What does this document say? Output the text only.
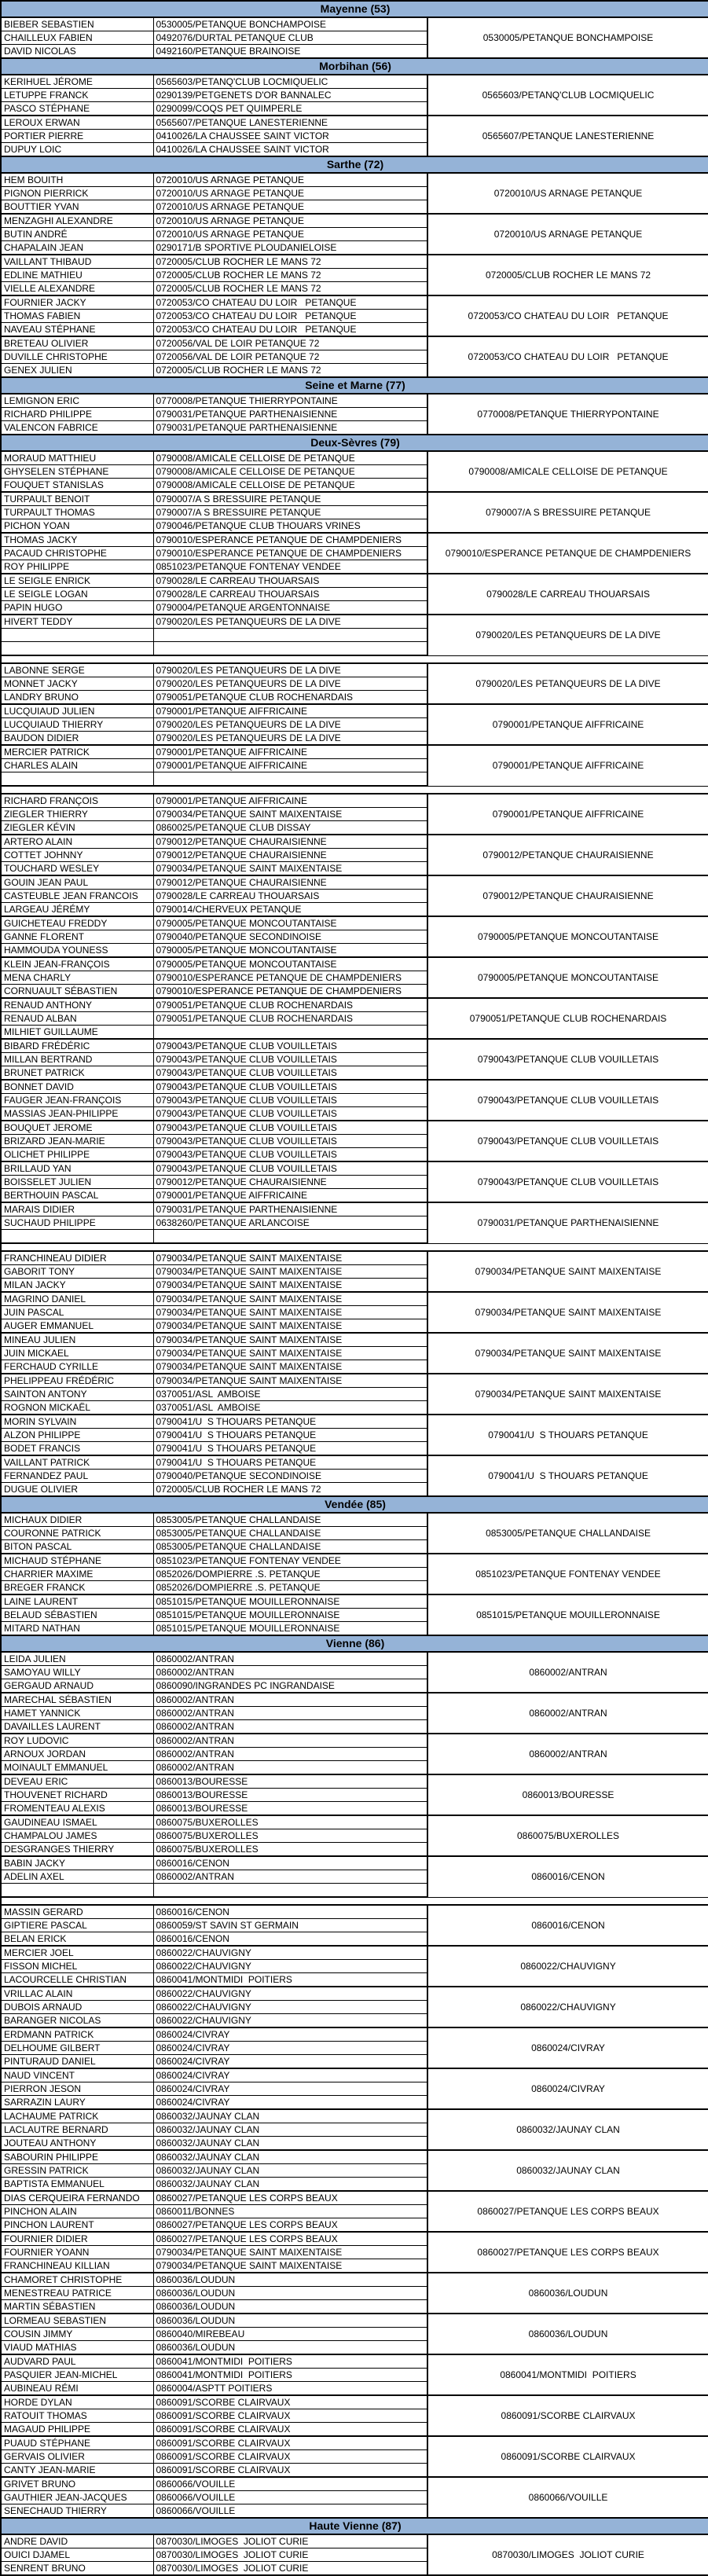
Mayenne (53)		
BIEBER SEBASTIEN	0530005/PETANQUE BONCHAMPOISE	0530005/PETANQUE BONCHAMPOISE
CHAILLEUX FABIEN	0492076/DURTAL PETANQUE CLUB	
DAVID NICOLAS	0492160/PETANQUE BRAINOISE	
Morbihan (56)		
KERIHUEL JÉROME	0565603/PETANQ'CLUB LOCMIQUELIC	0565603/PETANQ'CLUB LOCMIQUELIC
LETUPPE FRANCK	0290139/PETGENETS D'OR BANNALEC	
PASCO STÉPHANE	0290099/COQS PET QUIMPERLE	
LEROUX ERWAN	0565607/PETANQUE LANESTERIENNE	0565607/PETANQUE LANESTERIENNE
PORTIER PIERRE	0410026/LA CHAUSSEE SAINT VICTOR	
DUPUY LOIC	0410026/LA CHAUSSEE SAINT VICTOR	
Sarthe (72)		
HEM BOUITH	0720010/US ARNAGE PETANQUE	0720010/US ARNAGE PETANQUE
PIGNON PIERRICK	0720010/US ARNAGE PETANQUE	
BOUTTIER YVAN	0720010/US ARNAGE PETANQUE	
MENZAGHI ALEXANDRE	0720010/US ARNAGE PETANQUE	0720010/US ARNAGE PETANQUE
BUTIN ANDRÉ	0720010/US ARNAGE PETANQUE	
CHAPALAIN JEAN	0290171/B SPORTIVE PLOUDANIELOISE	
VAILLANT THIBAUD	0720005/CLUB ROCHER LE MANS 72	0720005/CLUB ROCHER LE MANS 72
EDLINE MATHIEU	0720005/CLUB ROCHER LE MANS 72	
VIELLE ALEXANDRE	0720005/CLUB ROCHER LE MANS 72	
FOURNIER JACKY	0720053/CO CHATEAU DU LOIR   PETANQUE	0720053/CO CHATEAU DU LOIR   PETANQUE
THOMAS FABIEN	0720053/CO CHATEAU DU LOIR   PETANQUE	
NAVEAU STÉPHANE	0720053/CO CHATEAU DU LOIR   PETANQUE	
BRETEAU OLIVIER	0720056/VAL DE LOIR PETANQUE 72	0720053/CO CHATEAU DU LOIR   PETANQUE
DUVILLE CHRISTOPHE	0720056/VAL DE LOIR PETANQUE 72	
GENEX JULIEN	0720005/CLUB ROCHER LE MANS 72	
Seine et Marne (77)		
LEMIGNON ERIC	0770008/PETANQUE THIERRYPONTAINE	0770008/PETANQUE THIERRYPONTAINE
RICHARD PHILIPPE	0790031/PETANQUE PARTHENAISIENNE	
VALENCON FABRICE	0790031/PETANQUE PARTHENAISIENNE	
Deux-Sèvres (79)		
MORAUD MATTHIEU	0790008/AMICALE CELLOISE DE PETANQUE	0790008/AMICALE CELLOISE DE PETANQUE
GHYSELEN STÉPHANE	0790008/AMICALE CELLOISE DE PETANQUE	
FOUQUET STANISLAS	0790008/AMICALE CELLOISE DE PETANQUE	
TURPAULT BENOIT	0790007/A S BRESSUIRE PETANQUE	0790007/A S BRESSUIRE PETANQUE
TURPAULT THOMAS	0790007/A S BRESSUIRE PETANQUE	
PICHON YOAN	0790046/PETANQUE CLUB THOUARS VRINES	
THOMAS JACKY	0790010/ESPERANCE PETANQUE DE CHAMPDENIERS	0790010/ESPERANCE PETANQUE DE CHAMPDENIERS
PACAUD CHRISTOPHE	0790010/ESPERANCE PETANQUE DE CHAMPDENIERS	
ROY PHILIPPE	0851023/PETANQUE FONTENAY VENDEE	
LE SEIGLE ENRICK	0790028/LE CARREAU THOUARSAIS	0790028/LE CARREAU THOUARSAIS
LE SEIGLE LOGAN	0790028/LE CARREAU THOUARSAIS	
PAPIN HUGO	0790004/PETANQUE ARGENTONNAISE	
HIVERT TEDDY	0790020/LES PETANQUEURS DE LA DIVE	0790020/LES PETANQUEURS DE LA DIVE

LABONNE SERGE	0790020/LES PETANQUEURS DE LA DIVE	0790020/LES PETANQUEURS DE LA DIVE
MONNET JACKY	0790020/LES PETANQUEURS DE LA DIVE	
LANDRY BRUNO	0790051/PETANQUE CLUB ROCHENARDAIS	
LUCQUIAUD JULIEN	0790001/PETANQUE AIFFRICAINE	0790001/PETANQUE AIFFRICAINE
LUCQUIAUD THIERRY	0790020/LES PETANQUEURS DE LA DIVE	
BAUDON DIDIER	0790020/LES PETANQUEURS DE LA DIVE	
MERCIER PATRICK	0790001/PETANQUE AIFFRICAINE	0790001/PETANQUE AIFFRICAINE
CHARLES ALAIN	0790001/PETANQUE AIFFRICAINE	

RICHARD FRANÇOIS	0790001/PETANQUE AIFFRICAINE	0790001/PETANQUE AIFFRICAINE
ZIEGLER THIERRY	0790034/PETANQUE SAINT MAIXENTAISE	
ZIEGLER KÉVIN	0860025/PETANQUE CLUB DISSAY	
ARTERO ALAIN	0790012/PETANQUE CHAURAISIENNE	0790012/PETANQUE CHAURAISIENNE
COTTET JOHNNY	0790012/PETANQUE CHAURAISIENNE	
TOUCHARD WESLEY	0790034/PETANQUE SAINT MAIXENTAISE	
GOUIN JEAN PAUL	0790012/PETANQUE CHAURAISIENNE	0790012/PETANQUE CHAURAISIENNE
CASTEUBLE JEAN FRANCOIS	0790028/LE CARREAU THOUARSAIS	
LARGEAU JÉRÉMY	0790014/CHERVEUX PETANQUE	
GUICHETEAU FREDDY	0790005/PETANQUE MONCOUTANTAISE	0790005/PETANQUE MONCOUTANTAISE
GANNE FLORENT	0790040/PETANQUE SECONDINOISE	
HAMMOUDA YOUNESS	0790005/PETANQUE MONCOUTANTAISE	
KLEIN JEAN-FRANÇOIS	0790005/PETANQUE MONCOUTANTAISE	0790005/PETANQUE MONCOUTANTAISE
MENA CHARLY	0790010/ESPERANCE PETANQUE DE CHAMPDENIERS	
CORNUAULT SÉBASTIEN	0790010/ESPERANCE PETANQUE DE CHAMPDENIERS	
RENAUD ANTHONY	0790051/PETANQUE CLUB ROCHENARDAIS	0790051/PETANQUE CLUB ROCHENARDAIS
RENAUD ALBAN	0790051/PETANQUE CLUB ROCHENARDAIS	
MILHIET GUILLAUME		
BIBARD FRÉDÉRIC	0790043/PETANQUE CLUB VOUILLETAIS	0790043/PETANQUE CLUB VOUILLETAIS
MILLAN BERTRAND	0790043/PETANQUE CLUB VOUILLETAIS	
BRUNET PATRICK	0790043/PETANQUE CLUB VOUILLETAIS	
BONNET DAVID	0790043/PETANQUE CLUB VOUILLETAIS	0790043/PETANQUE CLUB VOUILLETAIS
FAUGER JEAN-FRANÇOIS	0790043/PETANQUE CLUB VOUILLETAIS	
MASSIAS JEAN-PHILIPPE	0790043/PETANQUE CLUB VOUILLETAIS	
BOUQUET JEROME	0790043/PETANQUE CLUB VOUILLETAIS	0790043/PETANQUE CLUB VOUILLETAIS
BRIZARD JEAN-MARIE	0790043/PETANQUE CLUB VOUILLETAIS	
OLICHET PHILIPPE	0790043/PETANQUE CLUB VOUILLETAIS	
BRILLAUD YAN	0790043/PETANQUE CLUB VOUILLETAIS	0790043/PETANQUE CLUB VOUILLETAIS
BOISSELET JULIEN	0790012/PETANQUE CHAURAISIENNE	
BERTHOUIN PASCAL	0790001/PETANQUE AIFFRICAINE	
MARAIS DIDIER	0790031/PETANQUE PARTHENAISIENNE	0790031/PETANQUE PARTHENAISIENNE
SUCHAUD PHILIPPE	0638260/PETANQUE ARLANCOISE	

FRANCHINEAU DIDIER	0790034/PETANQUE SAINT MAIXENTAISE	0790034/PETANQUE SAINT MAIXENTAISE
GABORIT TONY	0790034/PETANQUE SAINT MAIXENTAISE	
MILAN JACKY	0790034/PETANQUE SAINT MAIXENTAISE	
MAGRINO DANIEL	0790034/PETANQUE SAINT MAIXENTAISE	0790034/PETANQUE SAINT MAIXENTAISE
JUIN PASCAL	0790034/PETANQUE SAINT MAIXENTAISE	
AUGER EMMANUEL	0790034/PETANQUE SAINT MAIXENTAISE	
MINEAU JULIEN	0790034/PETANQUE SAINT MAIXENTAISE	0790034/PETANQUE SAINT MAIXENTAISE
JUIN MICKAEL	0790034/PETANQUE SAINT MAIXENTAISE	
FERCHAUD CYRILLE	0790034/PETANQUE SAINT MAIXENTAISE	
PHELIPPEAU FRÉDÉRIC	0790034/PETANQUE SAINT MAIXENTAISE	0790034/PETANQUE SAINT MAIXENTAISE
SAINTON ANTONY	0370051/ASL  AMBOISE	
ROGNON MICKAËL	0370051/ASL  AMBOISE	
MORIN SYLVAIN	0790041/U  S THOUARS PETANQUE	0790041/U  S THOUARS PETANQUE
ALZON PHILIPPE	0790041/U  S THOUARS PETANQUE	
BODET FRANCIS	0790041/U  S THOUARS PETANQUE	
VAILLANT PATRICK	0790041/U  S THOUARS PETANQUE	0790041/U  S THOUARS PETANQUE
FERNANDEZ PAUL	0790040/PETANQUE SECONDINOISE	
DUGUE OLIVIER	0720005/CLUB ROCHER LE MANS 72	
Vendée (85)		
MICHAUX DIDIER	0853005/PETANQUE CHALLANDAISE	0853005/PETANQUE CHALLANDAISE
COURONNE PATRICK	0853005/PETANQUE CHALLANDAISE	
BITON PASCAL	0853005/PETANQUE CHALLANDAISE	
MICHAUD STÉPHANE	0851023/PETANQUE FONTENAY VENDEE	0851023/PETANQUE FONTENAY VENDEE
CHARRIER MAXIME	0852026/DOMPIERRE .S. PETANQUE	
BREGER FRANCK	0852026/DOMPIERRE .S. PETANQUE	
LAINE LAURENT	0851015/PETANQUE MOUILLERONNAISE	0851015/PETANQUE MOUILLERONNAISE
BELAUD SÉBASTIEN	0851015/PETANQUE MOUILLERONNAISE	
MITARD NATHAN	0851015/PETANQUE MOUILLERONNAISE	
Vienne (86)		
LEIDA JULIEN	0860002/ANTRAN	0860002/ANTRAN
SAMOYAU WILLY	0860002/ANTRAN	
GERGAUD ARNAUD	0860090/INGRANDES PC INGRANDAISE	
MARECHAL SÉBASTIEN	0860002/ANTRAN	0860002/ANTRAN
HAMET YANNICK	0860002/ANTRAN	
DAVAILLES LAURENT	0860002/ANTRAN	
ROY LUDOVIC	0860002/ANTRAN	0860002/ANTRAN
ARNOUX JORDAN	0860002/ANTRAN	
MOINAULT EMMANUEL	0860002/ANTRAN	
DEVEAU ERIC	0860013/BOURESSE	0860013/BOURESSE
THOUVENET RICHARD	0860013/BOURESSE	
FROMENTEAU ALEXIS	0860013/BOURESSE	
GAUDINEAU ISMAEL	0860075/BUXEROLLES	0860075/BUXEROLLES
CHAMPALOU JAMES	0860075/BUXEROLLES	
DESGRANGES THIERRY	0860075/BUXEROLLES	
BABIN JACKY	0860016/CENON	0860016/CENON
ADELIN AXEL	0860002/ANTRAN	

MASSIN GERARD	0860016/CENON	0860016/CENON
GIPTIERE PASCAL	0860059/ST SAVIN ST GERMAIN	
BELAN ERICK	0860016/CENON	
MERCIER JOEL	0860022/CHAUVIGNY	0860022/CHAUVIGNY
FISSON MICHEL	0860022/CHAUVIGNY	
LACOURCELLE CHRISTIAN	0860041/MONTMIDI  POITIERS	
VRILLAC ALAIN	0860022/CHAUVIGNY	0860022/CHAUVIGNY
DUBOIS ARNAUD	0860022/CHAUVIGNY	
BARANGER NICOLAS	0860022/CHAUVIGNY	
ERDMANN PATRICK	0860024/CIVRAY	0860024/CIVRAY
DELHOUME GILBERT	0860024/CIVRAY	
PINTURAUD DANIEL	0860024/CIVRAY	
NAUD VINCENT	0860024/CIVRAY	0860024/CIVRAY
PIERRON JESON	0860024/CIVRAY	
SARRAZIN LAURY	0860024/CIVRAY	
LACHAUME PATRICK	0860032/JAUNAY CLAN	0860032/JAUNAY CLAN
LACLAUTRE BERNARD	0860032/JAUNAY CLAN	
JOUTEAU ANTHONY	0860032/JAUNAY CLAN	
SABOURIN PHILIPPE	0860032/JAUNAY CLAN	0860032/JAUNAY CLAN
GRESSIN PATRICK	0860032/JAUNAY CLAN	
BAPTISTA EMMANUEL	0860032/JAUNAY CLAN	
DIAS CERQUEIRA FERNANDO	0860027/PETANQUE LES CORPS BEAUX	0860027/PETANQUE LES CORPS BEAUX
PINCHON ALAIN	0860011/BONNES	
PINCHON LAURENT	0860027/PETANQUE LES CORPS BEAUX	
FOURNIER DIDIER	0860027/PETANQUE LES CORPS BEAUX	0860027/PETANQUE LES CORPS BEAUX
FOURNIER YOANN	0790034/PETANQUE SAINT MAIXENTAISE	
FRANCHINEAU KILLIAN	0790034/PETANQUE SAINT MAIXENTAISE	
CHAMORET CHRISTOPHE	0860036/LOUDUN	0860036/LOUDUN
MENESTREAU PATRICE	0860036/LOUDUN	
MARTIN SÉBASTIEN	0860036/LOUDUN	
LORMEAU SEBASTIEN	0860036/LOUDUN	0860036/LOUDUN
COUSIN JIMMY	0860040/MIREBEAU	
VIAUD MATHIAS	0860036/LOUDUN	
AUDVARD PAUL	0860041/MONTMIDI  POITIERS	0860041/MONTMIDI  POITIERS
PASQUIER JEAN-MICHEL	0860041/MONTMIDI  POITIERS	
AUBINEAU RÉMI	0860004/ASPTT POITIERS	
HORDE DYLAN	0860091/SCORBE CLAIRVAUX	0860091/SCORBE CLAIRVAUX
RATOUIT THOMAS	0860091/SCORBE CLAIRVAUX	
MAGAUD PHILIPPE	0860091/SCORBE CLAIRVAUX	
PUAUD STÉPHANE	0860091/SCORBE CLAIRVAUX	0860091/SCORBE CLAIRVAUX
GERVAIS OLIVIER	0860091/SCORBE CLAIRVAUX	
CANTY JEAN-MARIE	0860091/SCORBE CLAIRVAUX	
GRIVET BRUNO	0860066/VOUILLE	0860066/VOUILLE
GAUTHIER JEAN-JACQUES	0860066/VOUILLE	
SENECHAUD THIERRY	0860066/VOUILLE	
Haute Vienne (87)		
ANDRE DAVID	0870030/LIMOGES  JOLIOT CURIE	0870030/LIMOGES  JOLIOT CURIE
OUICI DJAMEL	0870030/LIMOGES  JOLIOT CURIE	
SENRENT BRUNO	0870030/LIMOGES  JOLIOT CURIE	
